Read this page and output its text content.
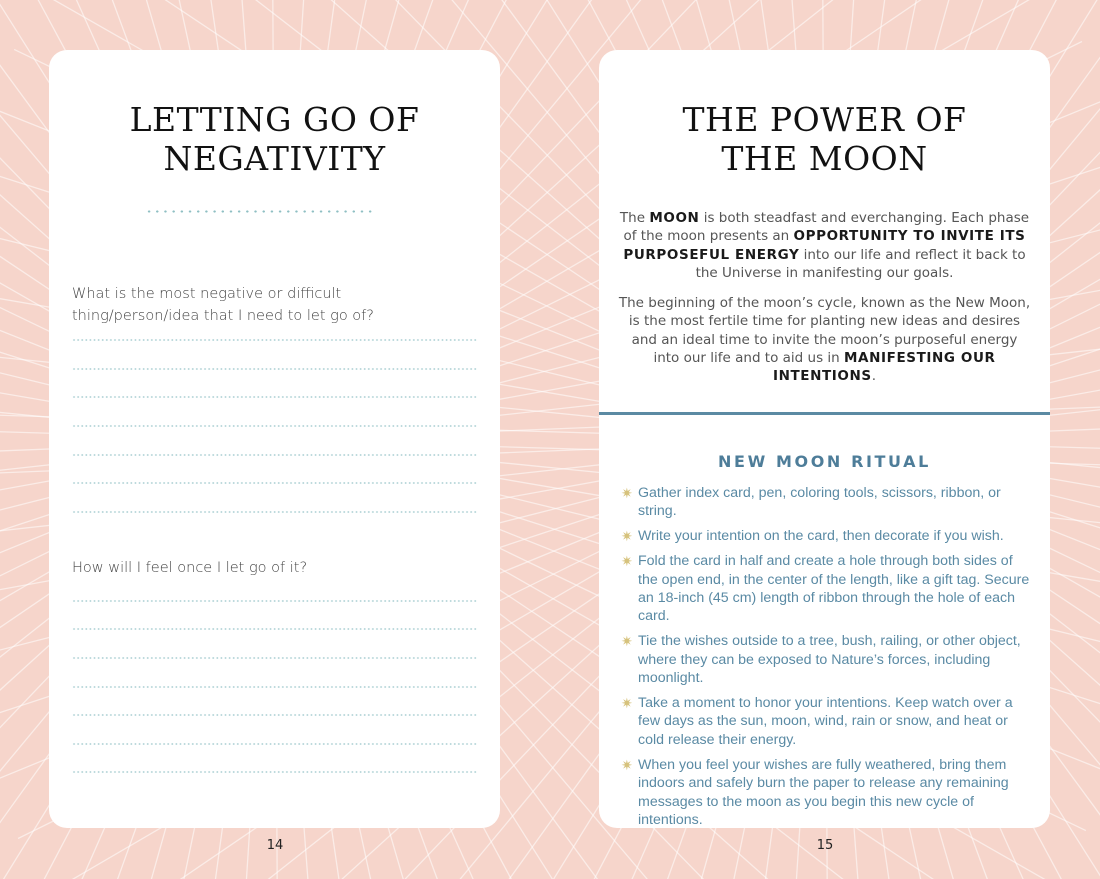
LETTING GO OF
NEGATIVITY
What is the most negative or difficult
thing/person/idea that I need to let go of?
How will I feel once I let go of it?
THE POWER OF
THE MOON

The MOON is both steadfast and everchanging. Each phase of the moon presents an OPPORTUNITY TO INVITE ITS PURPOSEFUL ENERGY into our life and reflect it back to the Universe in manifesting our goals.

The beginning of the moon’s cycle, known as the New Moon, is the most fertile time for planting new ideas and desires and an ideal time to invite the moon’s purposeful energy into our life and to aid us in MANIFESTING OUR INTENTIONS.

NEW MOON RITUAL
✷ Gather index card, pen, coloring tools, scissors, ribbon, or string.
✷ Write your intention on the card, then decorate if you wish.
✷ Fold the card in half and create a hole through both sides of the open end, in the center of the length, like a gift tag. Secure an 18-inch (45 cm) length of ribbon through the hole of each card.
✷ Tie the wishes outside to a tree, bush, railing, or other object, where they can be exposed to Nature’s forces, including moonlight.
✷ Take a moment to honor your intentions. Keep watch over a few days as the sun, moon, wind, rain or snow, and heat or cold release their energy.
✷ When you feel your wishes are fully weathered, bring them indoors and safely burn the paper to release any remaining messages to the moon as you begin this new cycle of intentions.
14	15
